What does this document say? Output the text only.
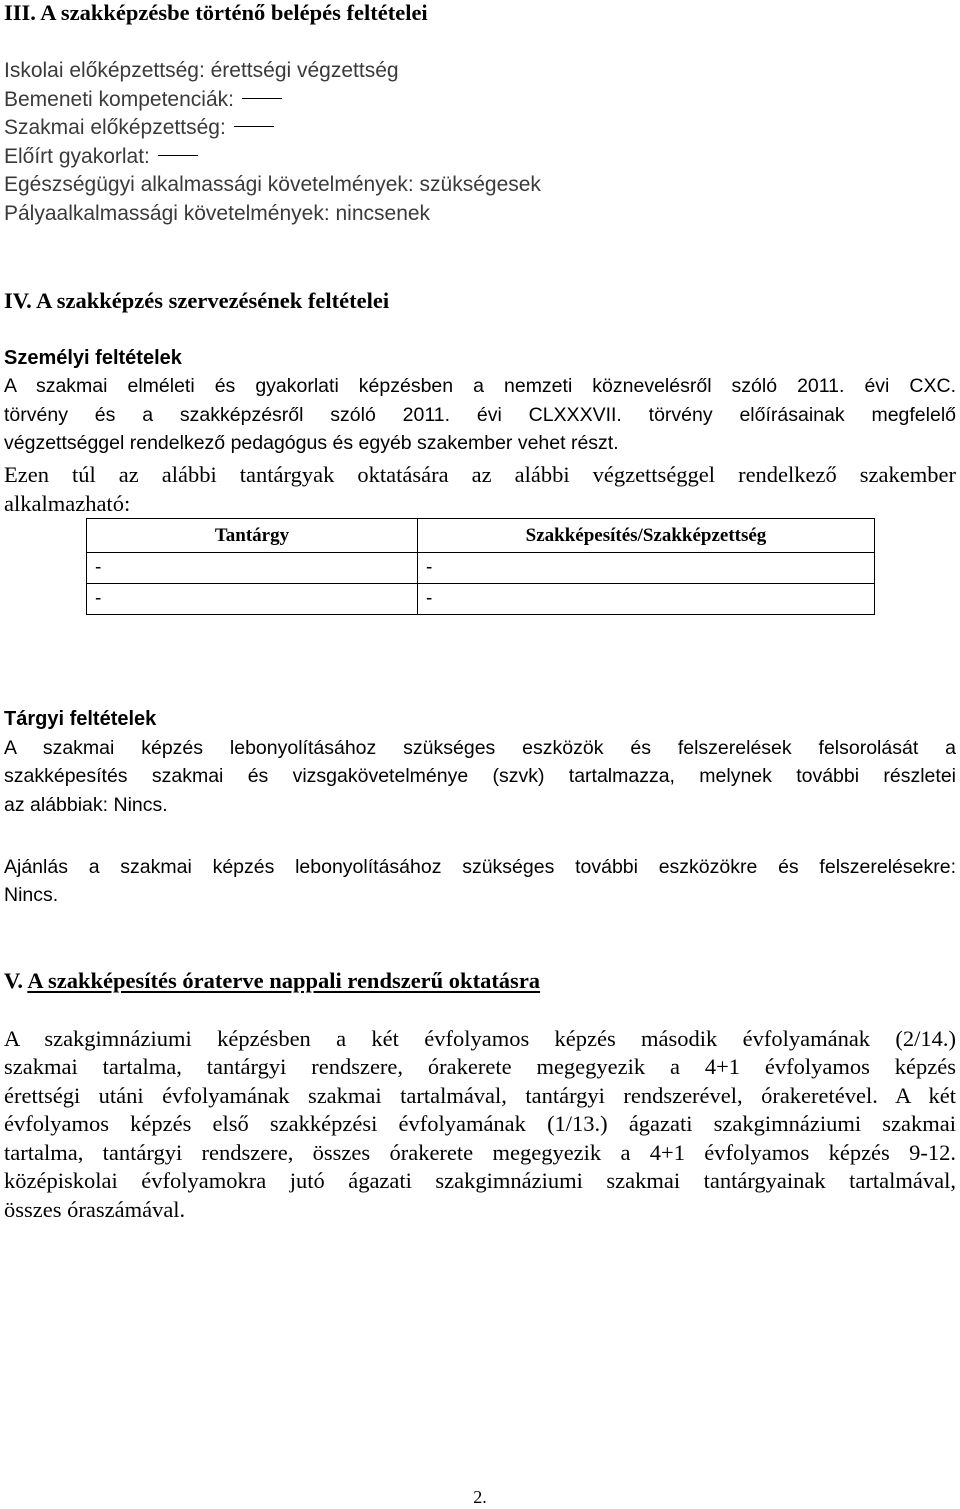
III. A szakképzésbe történő belépés feltételei
Iskolai előképzettség: érettségi végzettség
Bemeneti kompetenciák:
Szakmai előképzettség:
Előírt gyakorlat:
Egészségügyi alkalmassági követelmények: szükségesek
Pályaalkalmassági követelmények: nincsenek
IV. A szakképzés szervezésének feltételei
Személyi feltételek
A szakmai elméleti és gyakorlati képzésben a nemzeti köznevelésről szóló 2011. évi CXC.
törvény és a szakképzésről szóló 2011. évi CLXXXVII. törvény előírásainak megfelelő
végzettséggel rendelkező pedagógus és egyéb szakember vehet részt.
Ezen túl az alábbi tantárgyak oktatására az alábbi végzettséggel rendelkező szakember
alkalmazható:
Tantárgy	Szakképesítés/Szakképzettség
-	-
-	-
Tárgyi feltételek
A szakmai képzés lebonyolításához szükséges eszközök és felszerelések felsorolását a
szakképesítés szakmai és vizsgakövetelménye (szvk) tartalmazza, melynek további részletei
az alábbiak: Nincs.
Ajánlás a szakmai képzés lebonyolításához szükséges további eszközökre és felszerelésekre:
Nincs.
V. A szakképesítés óraterve nappali rendszerű oktatásra
A szakgimnáziumi képzésben a két évfolyamos képzés második évfolyamának (2/14.)
szakmai tartalma, tantárgyi rendszere, órakerete megegyezik a 4+1 évfolyamos képzés
érettségi utáni évfolyamának szakmai tartalmával, tantárgyi rendszerével, órakeretével. A két
évfolyamos képzés első szakképzési évfolyamának (1/13.) ágazati szakgimnáziumi szakmai
tartalma, tantárgyi rendszere, összes órakerete megegyezik a 4+1 évfolyamos képzés 9-12.
középiskolai évfolyamokra jutó ágazati szakgimnáziumi szakmai tantárgyainak tartalmával,
összes óraszámával.
2.
